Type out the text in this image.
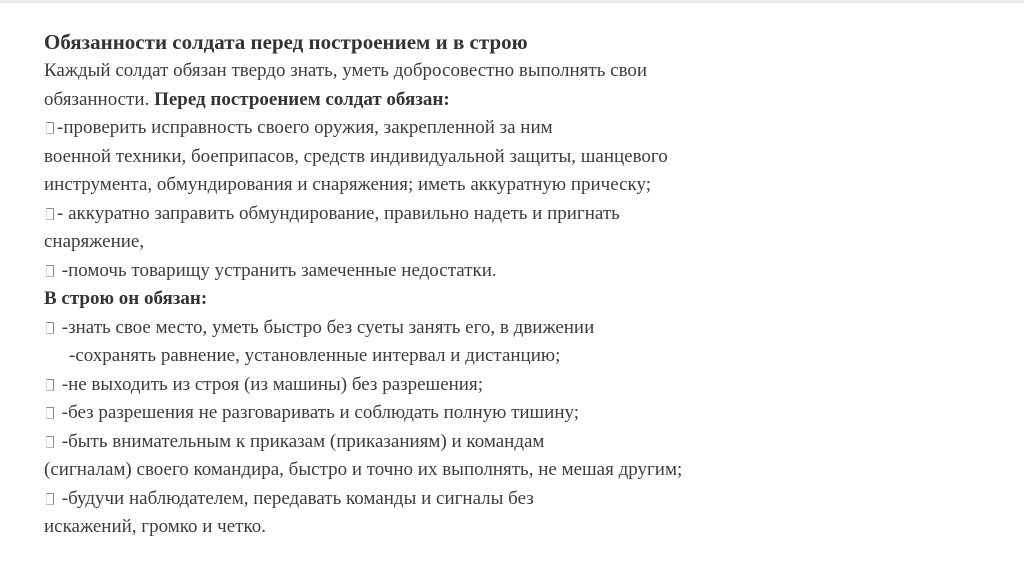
Обязанности солдата перед построением и в строю
Каждый солдат обязан твердо знать, уметь добросовестно выполнять свои
обязанности. Перед построением солдат обязан:
-проверить исправность своего оружия, закрепленной за ним
военной техники, боеприпасов, средств индивидуальной защиты, шанцевого
инструмента, обмундирования и снаряжения; иметь аккуратную прическу;
- аккуратно заправить обмундирование, правильно надеть и пригнать
снаряжение,
-помочь товарищу устранить замеченные недостатки.
В строю он обязан:
-знать свое место, уметь быстро без суеты занять его, в движении
-сохранять равнение, установленные интервал и дистанцию;
-не выходить из строя (из машины) без разрешения;
-без разрешения не разговаривать и соблюдать полную тишину;
-быть внимательным к приказам (приказаниям) и командам
(сигналам) своего командира, быстро и точно их выполнять, не мешая другим;
-будучи наблюдателем, передавать команды и сигналы без
искажений, громко и четко.
